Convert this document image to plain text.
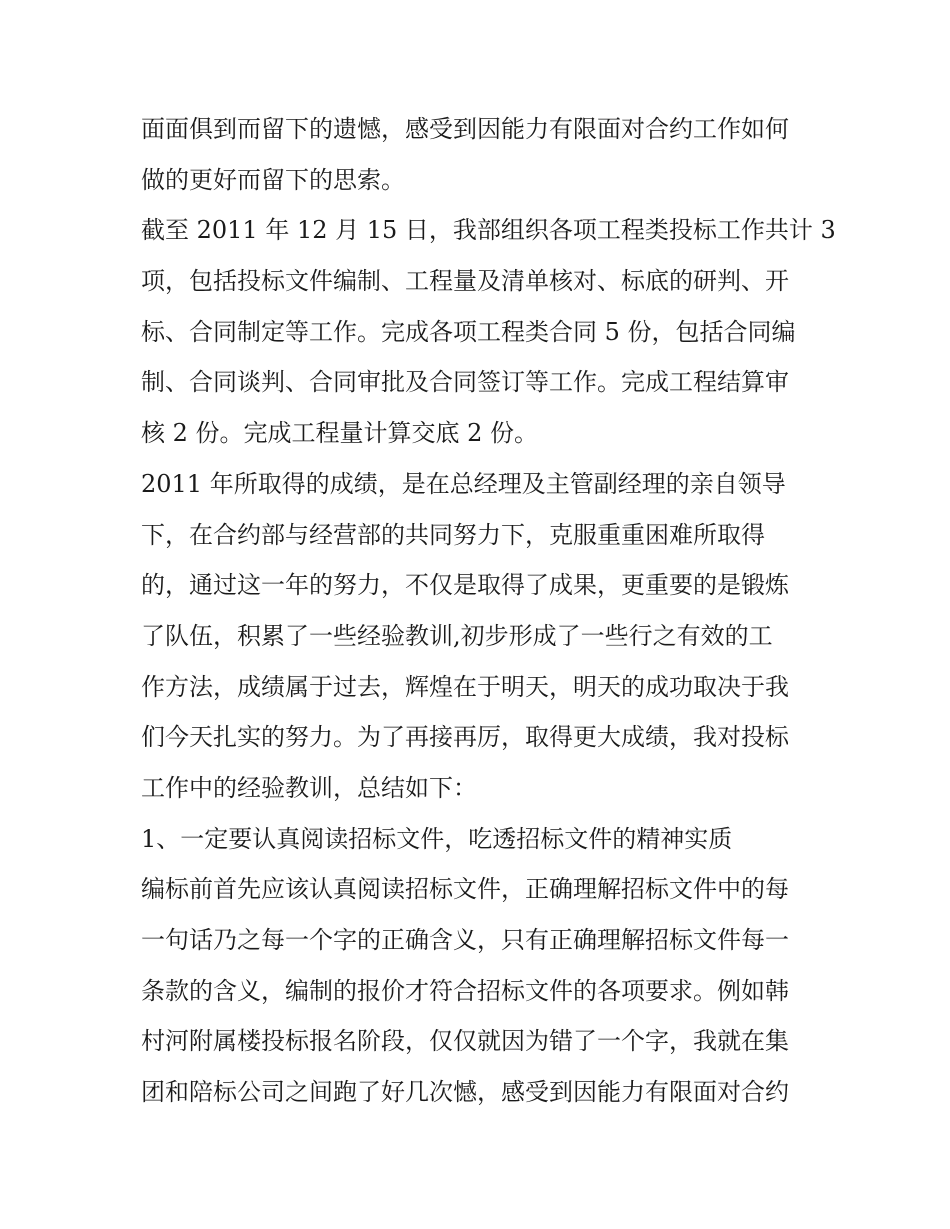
面面俱到而留下的遗憾，感受到因能力有限面对合约工作如何
做的更好而留下的思索。
截至 2011 年 12 月 15 日，我部组织各项工程类投标工作共计 3
项，包括投标文件编制、工程量及清单核对、标底的研判、开
标、合同制定等工作。完成各项工程类合同 5 份，包括合同编
制、合同谈判、合同审批及合同签订等工作。完成工程结算审
核 2 份。完成工程量计算交底 2 份。
2011 年所取得的成绩，是在总经理及主管副经理的亲自领导
下，在合约部与经营部的共同努力下，克服重重困难所取得
的，通过这一年的努力，不仅是取得了成果，更重要的是锻炼
了队伍，积累了一些经验教训,初步形成了一些行之有效的工
作方法，成绩属于过去，辉煌在于明天，明天的成功取决于我
们今天扎实的努力。为了再接再厉，取得更大成绩，我对投标
工作中的经验教训，总结如下：
1、一定要认真阅读招标文件，吃透招标文件的精神实质
编标前首先应该认真阅读招标文件，正确理解招标文件中的每
一句话乃之每一个字的正确含义，只有正确理解招标文件每一
条款的含义，编制的报价才符合招标文件的各项要求。例如韩
村河附属楼投标报名阶段，仅仅就因为错了一个字，我就在集
团和陪标公司之间跑了好几次憾，感受到因能力有限面对合约
